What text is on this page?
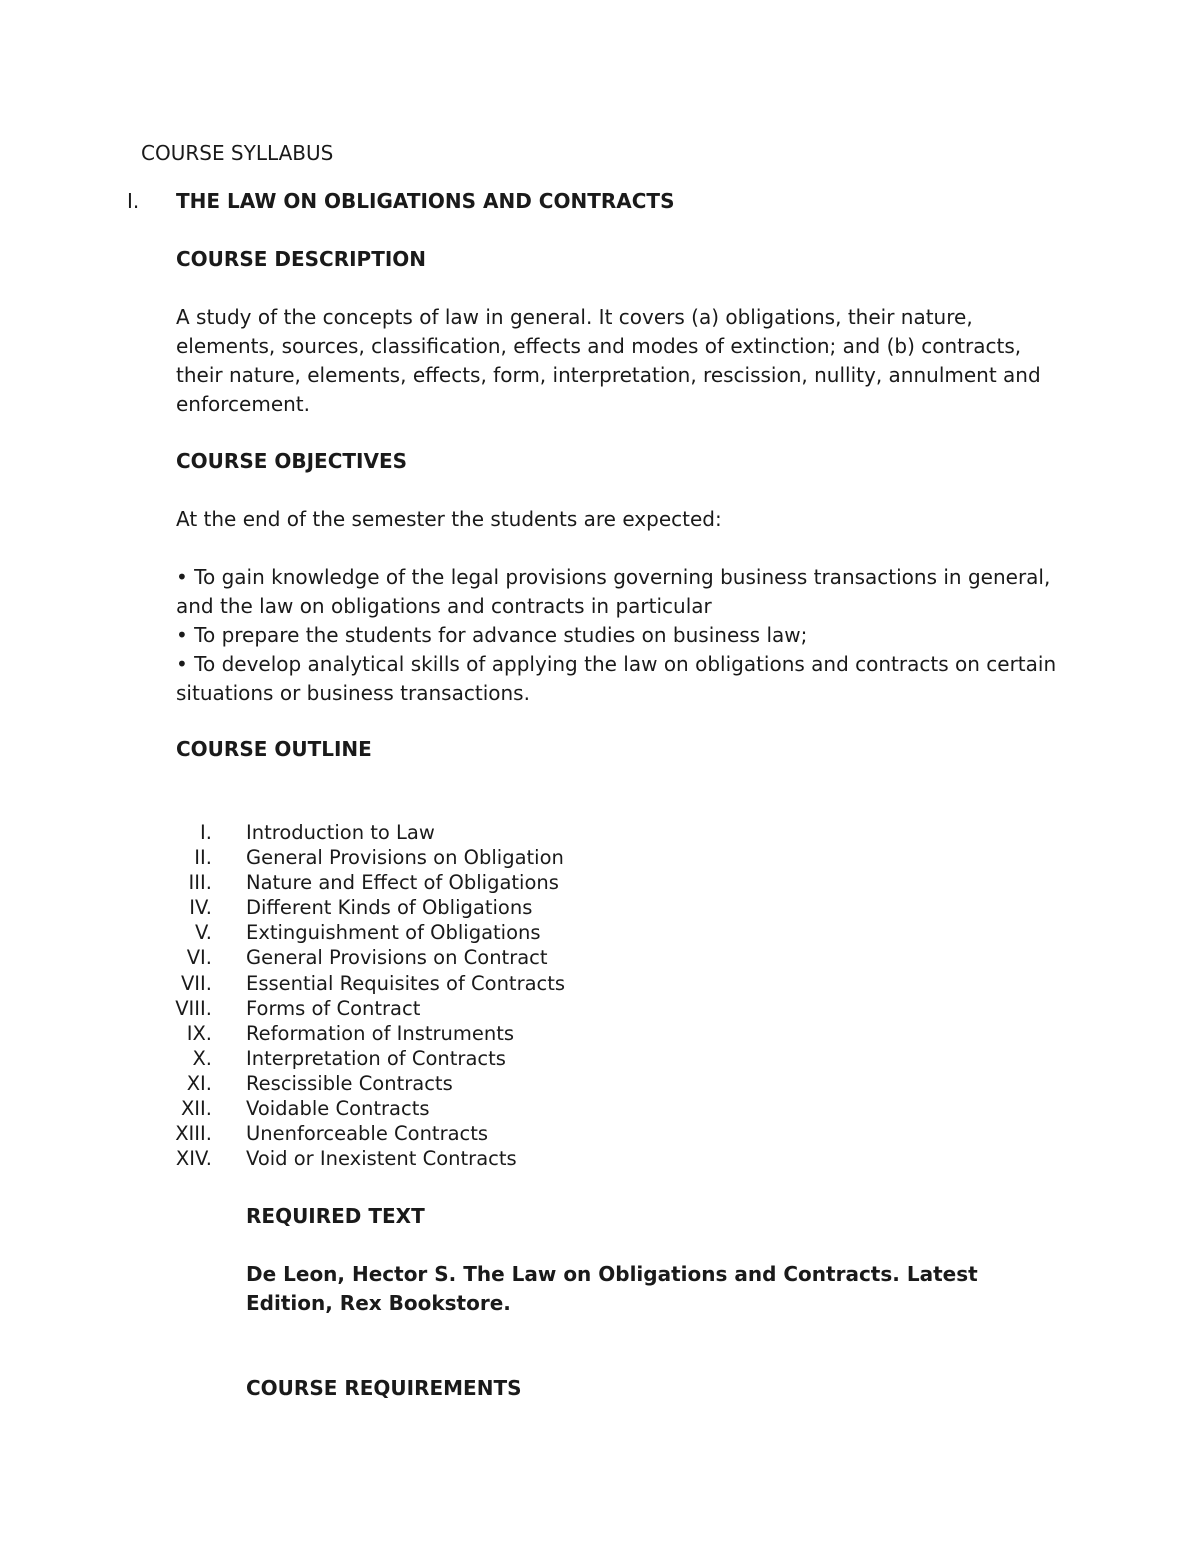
COURSE SYLLABUS
I. THE LAW ON OBLIGATIONS AND CONTRACTS
COURSE DESCRIPTION

A study of the concepts of law in general. It covers (a) obligations, their nature, elements, sources, classification, effects and modes of extinction; and (b) contracts, their nature, elements, effects, form, interpretation, rescission, nullity, annulment and enforcement.

COURSE OBJECTIVES
At the end of the semester the students are expected:
• To gain knowledge of the legal provisions governing business transactions in general, and the law on obligations and contracts in particular
• To prepare the students for advance studies on business law;
• To develop analytical skills of applying the law on obligations and contracts on certain situations or business transactions.
COURSE OUTLINE
I. Introduction to Law
II. General Provisions on Obligation
III. Nature and Effect of Obligations
IV. Different Kinds of Obligations
V. Extinguishment of Obligations
VI. General Provisions on Contract
VII. Essential Requisites of Contracts
VIII. Forms of Contract
IX. Reformation of Instruments
X. Interpretation of Contracts
XI. Rescissible Contracts
XII. Voidable Contracts
XIII. Unenforceable Contracts
XIV. Void or Inexistent Contracts
REQUIRED TEXT

De Leon, Hector S. The Law on Obligations and Contracts. Latest Edition, Rex Bookstore.

COURSE REQUIREMENTS
